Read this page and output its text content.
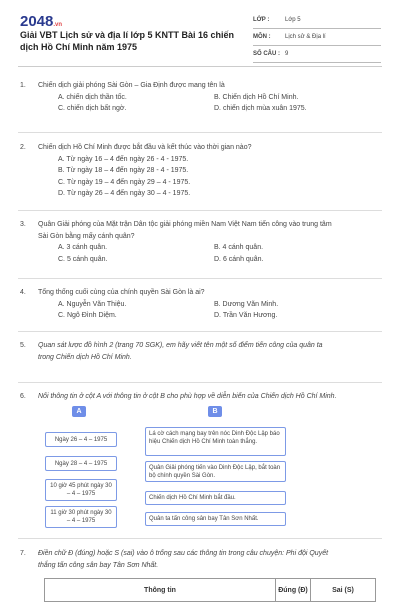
2048.vn
Giải VBT Lịch sử và địa lí lớp 5 KNTT Bài 16 chiến dịch Hồ Chí Minh năm 1975
LỚP :	Lớp 5
MÔN :	Lịch sử & Địa lí
SỐ CÂU : 9
1.	Chiến dịch giải phóng Sài Gòn – Gia Định được mang tên là
A. chiến dịch thần tốc.	B. Chiến dịch Hồ Chí Minh.
C. chiến dịch bất ngờ.	D. chiến dịch mùa xuân 1975.
2.	Chiến dịch Hồ Chí Minh được bắt đầu và kết thúc vào thời gian nào?
A. Từ ngày 16 – 4 đến ngày 26 - 4 - 1975.
B. Từ ngày 18 – 4 đến ngày 28 - 4 - 1975.
C. Từ ngày 19 – 4 đến ngày 29 – 4 - 1975.
D. Từ ngày 26 – 4 đến ngày 30 – 4 - 1975.
3.	Quân Giải phóng của Mặt trận Dân tộc giải phóng miền Nam Việt Nam tiến công vào trung tâm
Sài Gòn bằng mấy cánh quân?
A. 3 cánh quân.	B. 4 cánh quân.
C. 5 cánh quân.	D. 6 cánh quân.
4.	Tổng thống cuối cùng của chính quyền Sài Gòn là ai?
A. Nguyễn Văn Thiệu.	B. Dương Văn Minh.
C. Ngô Đình Diệm.	D. Trần Văn Hương.
5.	Quan sát lược đồ hình 2 (trang 70 SGK), em hãy viết tên một số điểm tiến công của quân ta
trong Chiến dịch Hồ Chí Minh.
6.	Nối thông tin ở cột A với thông tin ở cột B cho phù hợp về diễn biến của Chiến dịch Hồ Chí Minh.
A	B
Ngày 26 – 4 – 1975
Ngày 28 – 4 – 1975
10 giờ 45 phút ngày 30 – 4 – 1975
11 giờ 30 phút ngày 30 – 4 – 1975
Lá cờ cách mạng bay trên nóc Dinh Độc Lập báo hiệu Chiến dịch Hồ Chí Minh toàn thắng.
Quân Giải phóng tiến vào Dinh Độc Lập, bắt toàn bộ chính quyền Sài Gòn.
Chiến dịch Hồ Chí Minh bắt đầu.
Quân ta tấn công sân bay Tân Sơn Nhất.
7.	Điền chữ Đ (đúng) hoặc S (sai) vào ô trống sau các thông tin trong câu chuyện: Phi đội Quyết
thắng tấn công sân bay Tân Sơn Nhất.
Thông tin	Đúng (Đ)	Sai (S)
